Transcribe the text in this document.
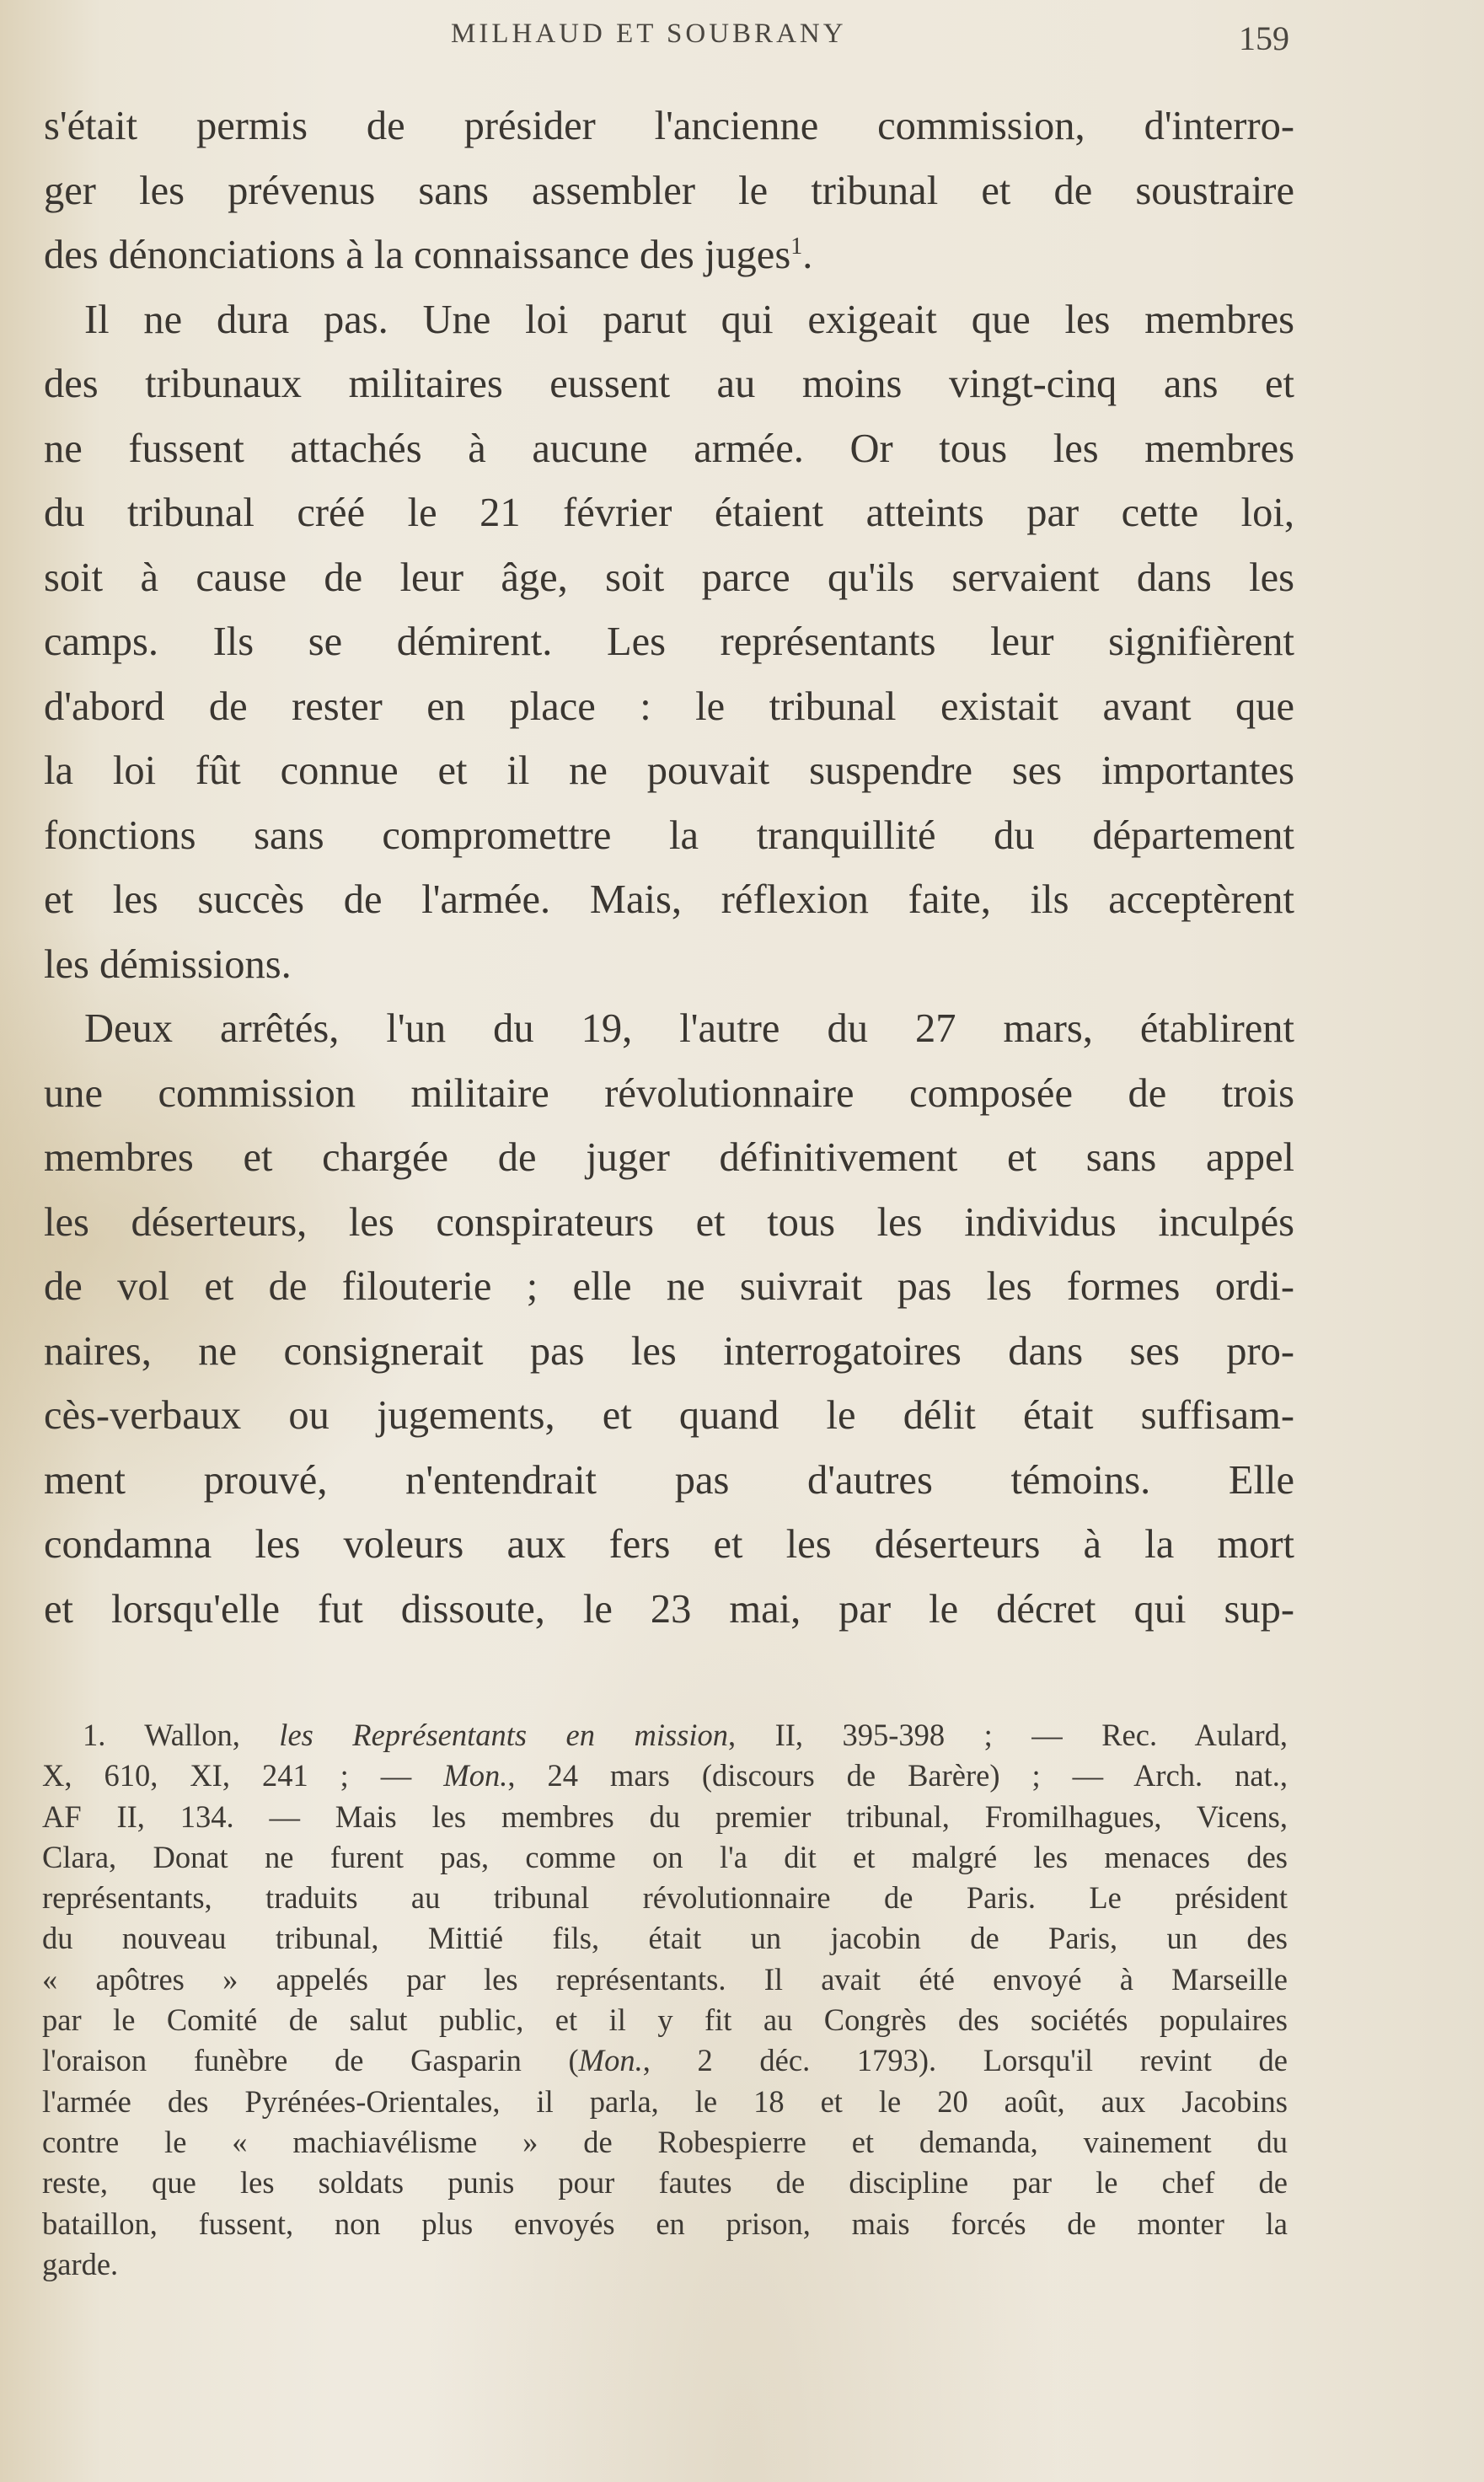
MILHAUD ET SOUBRANY	159
s'était permis de présider l'ancienne commission, d'interro-
ger les prévenus sans assembler le tribunal et de soustraire
des dénonciations à la connaissance des juges$^1$.
Il ne dura pas. Une loi parut qui exigeait que les membres
des tribunaux militaires eussent au moins vingt-cinq ans et
ne fussent attachés à aucune armée. Or tous les membres
du tribunal créé le 21 février étaient atteints par cette loi,
soit à cause de leur âge, soit parce qu'ils servaient dans les
camps. Ils se démirent. Les représentants leur signifièrent
d'abord de rester en place : le tribunal existait avant que
la loi fût connue et il ne pouvait suspendre ses importantes
fonctions sans compromettre la tranquillité du département
et les succès de l'armée. Mais, réflexion faite, ils acceptèrent
les démissions.
Deux arrêtés, l'un du 19, l'autre du 27 mars, établirent
une commission militaire révolutionnaire composée de trois
membres et chargée de juger définitivement et sans appel
les déserteurs, les conspirateurs et tous les individus inculpés
de vol et de filouterie ; elle ne suivrait pas les formes ordi-
naires, ne consignerait pas les interrogatoires dans ses pro-
cès-verbaux ou jugements, et quand le délit était suffisam-
ment prouvé, n'entendrait pas d'autres témoins. Elle
condamna les voleurs aux fers et les déserteurs à la mort
et lorsqu'elle fut dissoute, le 23 mai, par le décret qui sup-
1. Wallon, les Représentants en mission, II, 395-398 ; — Rec. Aulard,
X, 610, XI, 241 ; — Mon., 24 mars (discours de Barère) ; — Arch. nat.,
AF II, 134. — Mais les membres du premier tribunal, Fromilhagues, Vicens,
Clara, Donat ne furent pas, comme on l'a dit et malgré les menaces des
représentants, traduits au tribunal révolutionnaire de Paris. Le président
du nouveau tribunal, Mittié fils, était un jacobin de Paris, un des
« apôtres » appelés par les représentants. Il avait été envoyé à Marseille
par le Comité de salut public, et il y fit au Congrès des sociétés populaires
l'oraison funèbre de Gasparin (Mon., 2 déc. 1793). Lorsqu'il revint de
l'armée des Pyrénées-Orientales, il parla, le 18 et le 20 août, aux Jacobins
contre le « machiavélisme » de Robespierre et demanda, vainement du
reste, que les soldats punis pour fautes de discipline par le chef de
bataillon, fussent, non plus envoyés en prison, mais forcés de monter la
garde.
